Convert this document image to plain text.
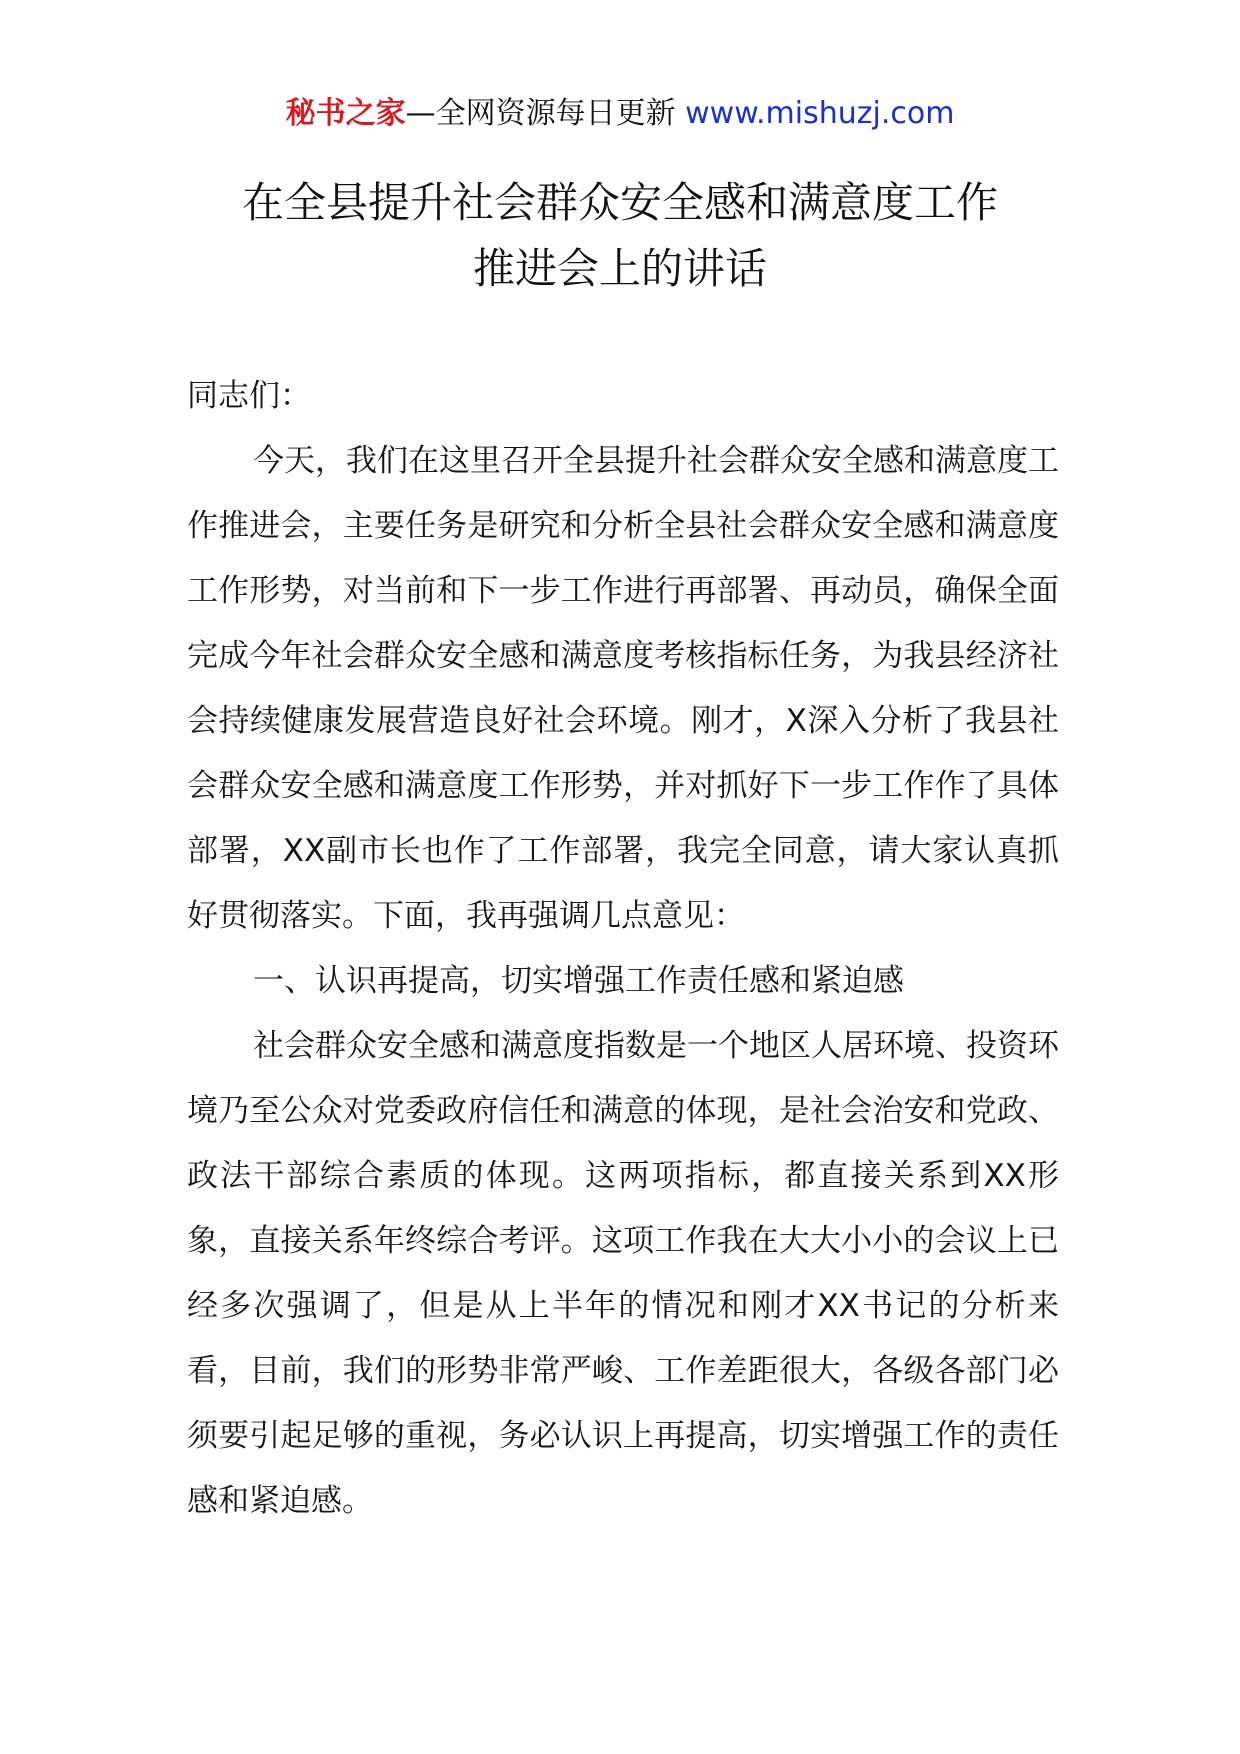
秘书之家—全网资源每日更新 www.mishuzj.com
在全县提升社会群众安全感和满意度工作
推进会上的讲话

同志们：

今天，我们在这里召开全县提升社会群众安全感和满意度工作推进会，主要任务是研究和分析全县社会群众安全感和满意度工作形势，对当前和下一步工作进行再部署、再动员，确保全面完成今年社会群众安全感和满意度考核指标任务，为我县经济社会持续健康发展营造良好社会环境。刚才，X深入分析了我县社会群众安全感和满意度工作形势，并对抓好下一步工作作了具体部署，XX副市长也作了工作部署，我完全同意，请大家认真抓好贯彻落实。下面，我再强调几点意见：

一、认识再提高，切实增强工作责任感和紧迫感

社会群众安全感和满意度指数是一个地区人居环境、投资环境乃至公众对党委政府信任和满意的体现，是社会治安和党政、政法干部综合素质的体现。这两项指标，都直接关系到XX形象，直接关系年终综合考评。这项工作我在大大小小的会议上已经多次强调了，但是从上半年的情况和刚才XX书记的分析来看，目前，我们的形势非常严峻、工作差距很大，各级各部门必须要引起足够的重视，务必认识上再提高，切实增强工作的责任感和紧迫感。
